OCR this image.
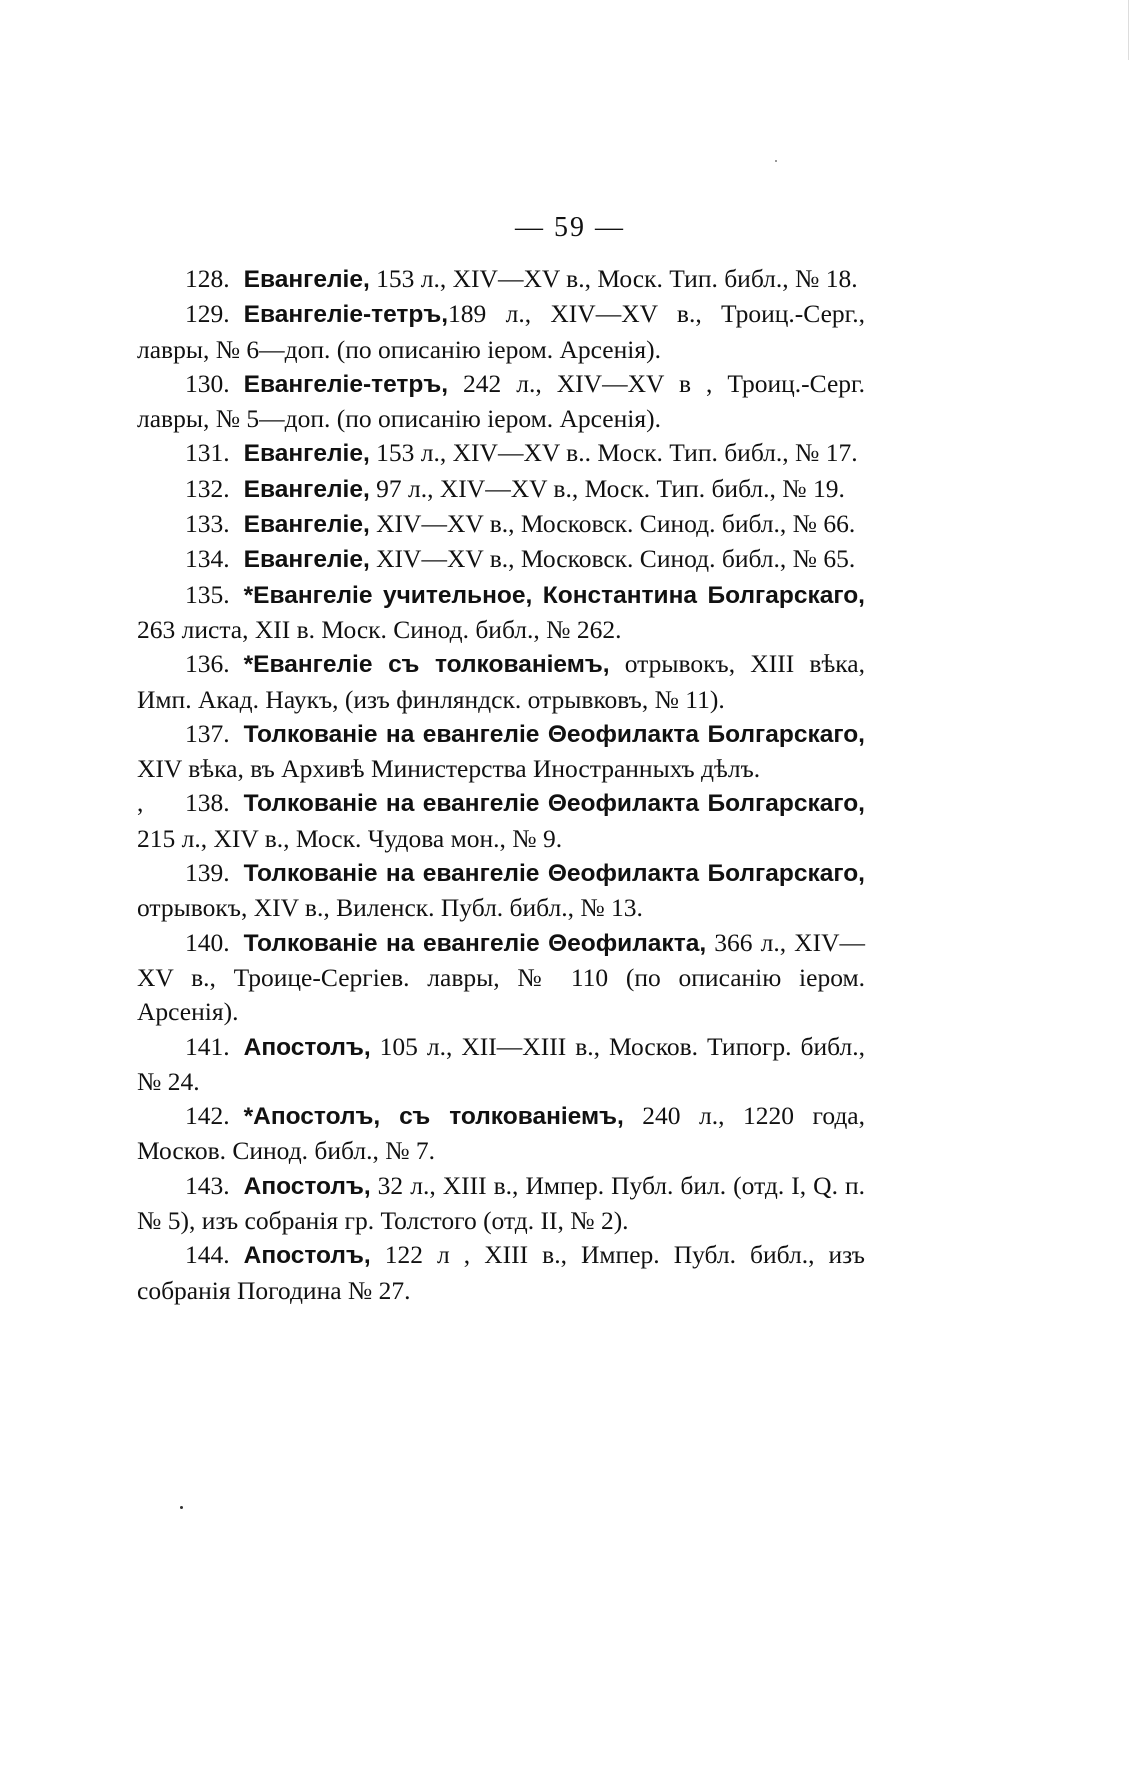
— 59 —

128. Евангеліе, 153 л., XIV—XV в., Моск. Тип. библ., № 18.

129. Евангеліе-тетръ,189 л., XIV—XV в., Троиц.-Серг., лавры, № 6—доп. (по описанію іером. Арсенія).

130. Евангеліе-тетръ, 242 л., XIV—XV в , Троиц.-Серг. лавры, № 5—доп. (по описанію іером. Арсенія).

131. Евангеліе, 153 л., XIV—XV в.. Моск. Тип. библ., № 17.

132. Евангеліе, 97 л., XIV—XV в., Моск. Тип. библ., № 19.

133. Евангеліе, XIV—XV в., Московск. Синод. библ., № 66.

134. Евангеліе, XIV—XV в., Московск. Синод. библ., № 65.

135. *Евангеліе учительное, Константина Болгарскаго, 263 листа, XII в. Моск. Синод. библ., № 262.

136. *Евангеліе съ толкованіемъ, отрывокъ, XIII вѣка, Имп. Акад. Наукъ, (изъ финляндск. отрывковъ, № 11).

137. Толкованіе на евангеліе Θеофилакта Болгарскаго, XIV вѣка, въ Архивѣ Министерства Иностранныхъ дѣлъ.

, 138. Толкованіе на евангеліе Θеофилакта Болгарскаго, 215 л., XIV в., Моск. Чудова мон., № 9.

139. Толкованіе на евангеліе Θеофилакта Болгарскаго, отрывокъ, XIV в., Виленск. Публ. библ., № 13.

140. Толкованіе на евангеліе Θеофилакта, 366 л., XIV—XV в., Троице-Сергіев. лавры, № 110 (по описанію іером. Арсенія).

141. Апостолъ, 105 л., XII—XIII в., Москов. Типогр. библ., № 24.

142. *Апостолъ, съ толкованіемъ, 240 л., 1220 года, Москов. Синод. библ., № 7.

143. Апостолъ, 32 л., XIII в., Импер. Публ. бил. (отд. I, Q. п. № 5), изъ собранія гр. Толстого (отд. II, № 2).

144. Апостолъ, 122 л , XIII в., Импер. Публ. библ., изъ собранія Погодина № 27.
